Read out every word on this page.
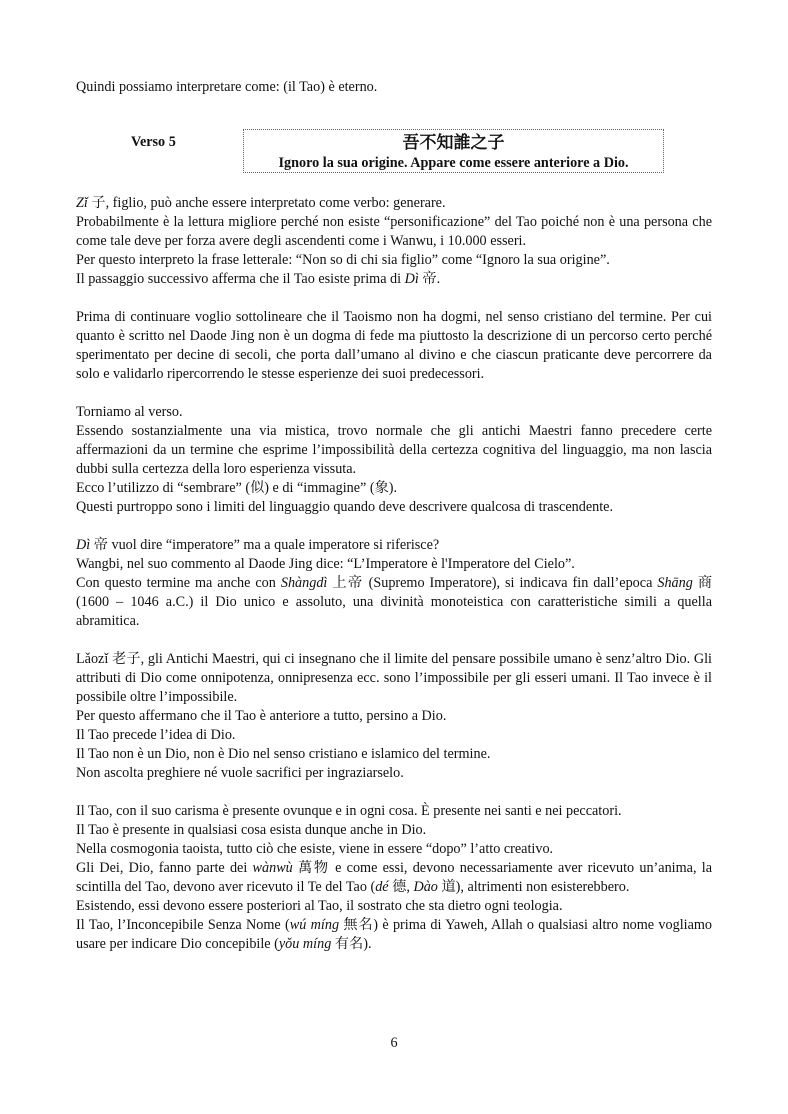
Quindi possiamo interpretare come: (il Tao) è eterno.

Verso 5	吾不知誰之子
Ignoro la sua origine. Appare come essere anteriore a Dio.

Zǐ 子, figlio, può anche essere interpretato come verbo: generare.

Probabilmente è la lettura migliore perché non esiste “personificazione” del Tao poiché non è una persona che come tale deve per forza avere degli ascendenti come i Wanwu, i 10.000 esseri.

Per questo interpreto la frase letterale: “Non so di chi sia figlio” come “Ignoro la sua origine”.

Il passaggio successivo afferma che il Tao esiste prima di Dì 帝.

Prima di continuare voglio sottolineare che il Taoismo non ha dogmi, nel senso cristiano del termine. Per cui quanto è scritto nel Daode Jing non è un dogma di fede ma piuttosto la descrizione di un percorso certo perché sperimentato per decine di secoli, che porta dall’umano al divino e che ciascun praticante deve percorrere da solo e validarlo ripercorrendo le stesse esperienze dei suoi predecessori.

Torniamo al verso.

Essendo sostanzialmente una via mistica, trovo normale che gli antichi Maestri fanno precedere certe affermazioni da un termine che esprime l’impossibilità della certezza cognitiva del linguaggio, ma non lascia dubbi sulla certezza della loro esperienza vissuta.

Ecco l’utilizzo di “sembrare” (似) e di “immagine” (象).

Questi purtroppo sono i limiti del linguaggio quando deve descrivere qualcosa di trascendente.

Dì 帝 vuol dire “imperatore” ma a quale imperatore si riferisce?

Wangbi, nel suo commento al Daode Jing dice: “L’Imperatore è l'Imperatore del Cielo”.

Con questo termine ma anche con Shàngdì 上帝 (Supremo Imperatore), si indicava fin dall’epoca Shāng 商 (1600 – 1046 a.C.) il Dio unico e assoluto, una divinità monoteistica con caratteristiche simili a quella abramitica.

Lǎozǐ 老子, gli Antichi Maestri, qui ci insegnano che il limite del pensare possibile umano è senz’altro Dio. Gli attributi di Dio come onnipotenza, onnipresenza ecc. sono l’impossibile per gli esseri umani. Il Tao invece è il possibile oltre l’impossibile.

Per questo affermano che il Tao è anteriore a tutto, persino a Dio.

Il Tao precede l’idea di Dio.

Il Tao non è un Dio, non è Dio nel senso cristiano e islamico del termine.

Non ascolta preghiere né vuole sacrifici per ingraziarselo.

Il Tao, con il suo carisma è presente ovunque e in ogni cosa. È presente nei santi e nei peccatori.

Il Tao è presente in qualsiasi cosa esista dunque anche in Dio.

Nella cosmogonia taoista, tutto ciò che esiste, viene in essere “dopo” l’atto creativo.

Gli Dei, Dio, fanno parte dei wànwù 萬物 e come essi, devono necessariamente aver ricevuto un’anima, la scintilla del Tao, devono aver ricevuto il Te del Tao (dé 德, Dào 道), altrimenti non esisterebbero.

Esistendo, essi devono essere posteriori al Tao, il sostrato che sta dietro ogni teologia.

Il Tao, l’Inconcepibile Senza Nome (wú míng 無名) è prima di Yaweh, Allah o qualsiasi altro nome vogliamo usare per indicare Dio concepibile (yǒu míng 有名).

6
